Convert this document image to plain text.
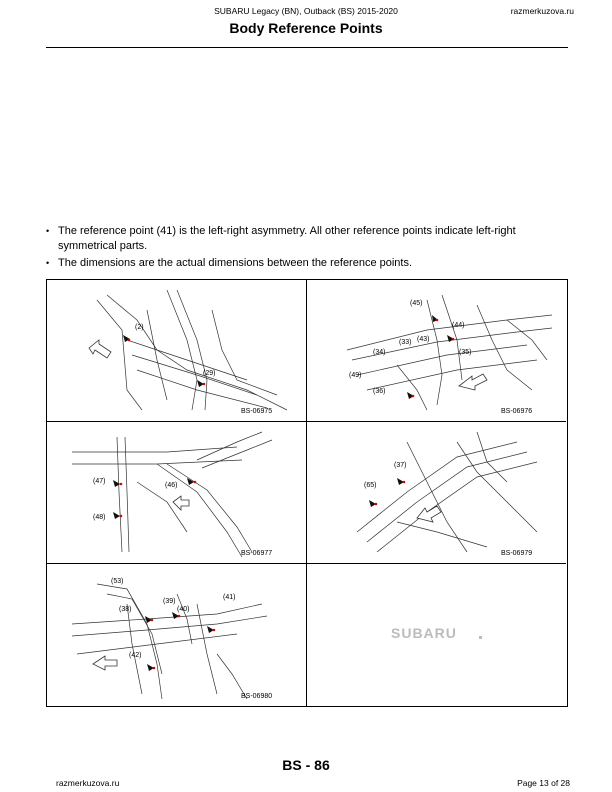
SUBARU Legacy (BN), Outback (BS) 2015-2020	razmerkuzova.ru
Body Reference Points
• The reference point (41) is the left-right asymmetry. All other reference points indicate left-right symmetrical parts.
• The dimensions are the actual dimensions between the reference points.
(2)
(29)
BS-06975
(45)
(44)
(43)
(33)
(34)	(35)
(49)
(36)
BS-06976
(47)
(46)
(48)
BS-06977
(37)
(65)
BS-06979
(53)
(39)
(38)	(40)
(41)
(42)
BS-06980
SUBARU
BS - 86
razmerkuzova.ru	Page 13 of 28
